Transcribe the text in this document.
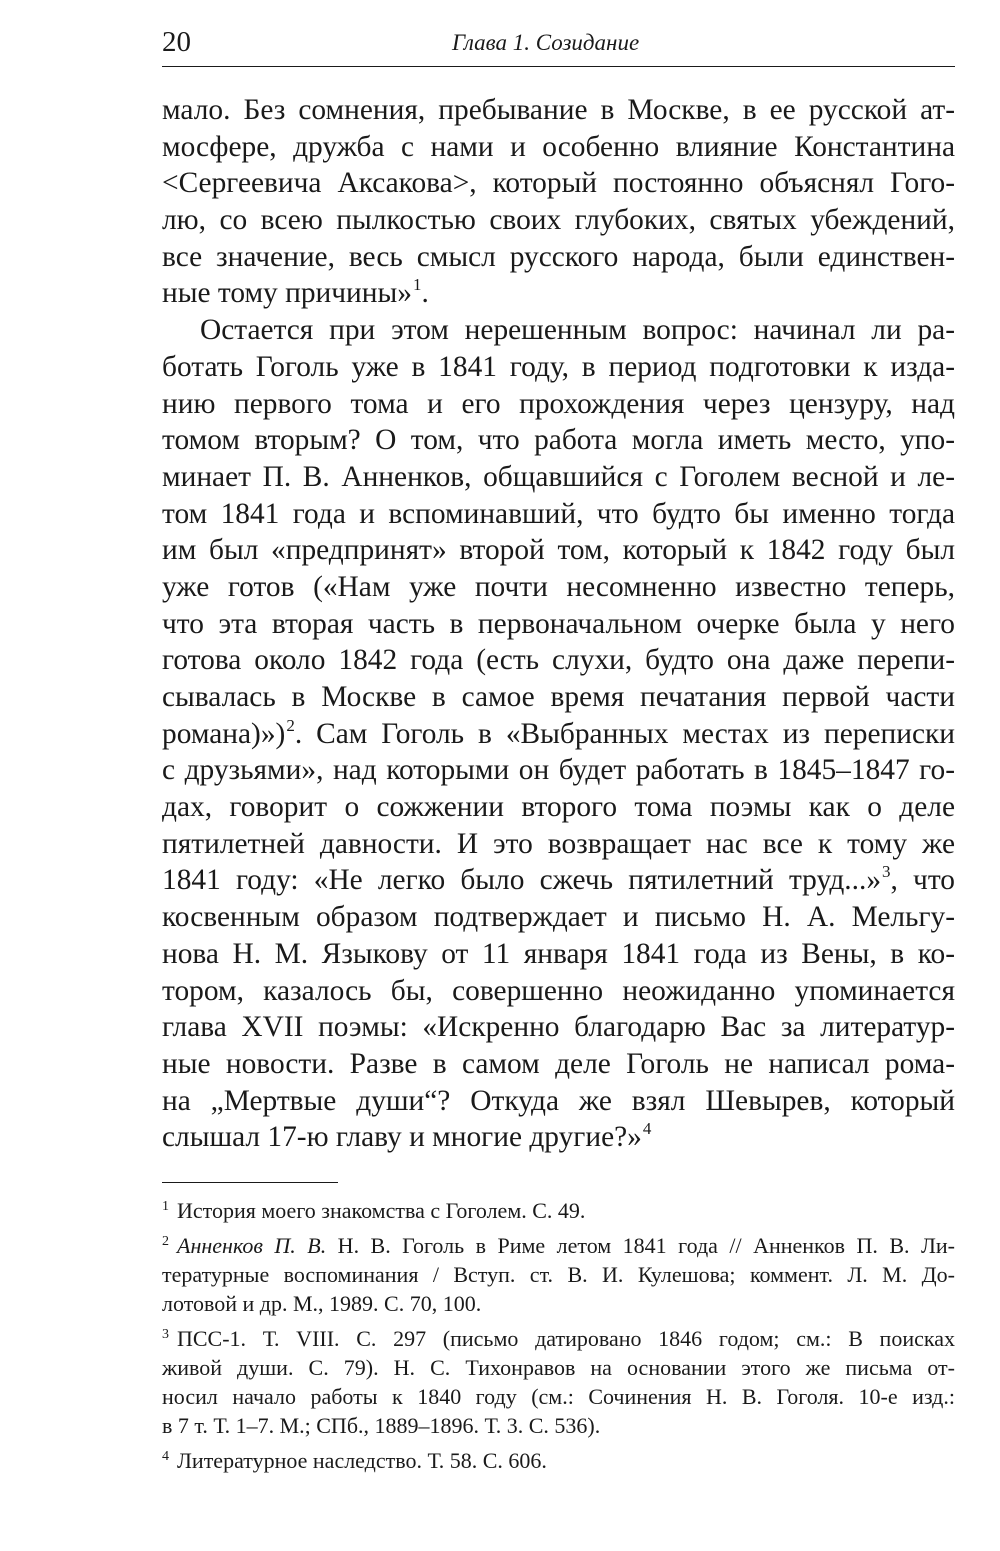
20	Глава 1. Созидание
мало. Без сомнения, пребывание в Москве, в ее русской ат-
мосфере, дружба с нами и особенно влияние Константина
<Сергеевича Аксакова>, который постоянно объяснял Гого-
лю, со всею пылкостью своих глубоких, святых убеждений,
все значение, весь смысл русского народа, были единствен-
ные тому причины»$^1$.
Остается при этом нерешенным вопрос: начинал ли ра-
ботать Гоголь уже в 1841 году, в период подготовки к изда-
нию первого тома и его прохождения через цензуру, над
томом вторым? О том, что работа могла иметь место, упо-
минает П. В. Анненков, общавшийся с Гоголем весной и ле-
том 1841 года и вспоминавший, что будто бы именно тогда
им был «предпринят» второй том, который к 1842 году был
уже готов («Нам уже почти несомненно известно теперь,
что эта вторая часть в первоначальном очерке была у него
готова около 1842 года (есть слухи, будто она даже перепи-
сывалась в Москве в самое время печатания первой части
романа)»)$^2$. Сам Гоголь в «Выбранных местах из переписки
с друзьями», над которыми он будет работать в 1845–1847 го-
дах, говорит о сожжении второго тома поэмы как о деле
пятилетней давности. И это возвращает нас все к тому же
1841 году: «Не легко было сжечь пятилетний труд...»$^3$, что
косвенным образом подтверждает и письмо Н. А. Мельгу-
нова Н. М. Языкову от 11 января 1841 года из Вены, в ко-
тором, казалось бы, совершенно неожиданно упоминается
глава XVII поэмы: «Искренно благодарю Вас за литератур-
ные новости. Разве в самом деле Гоголь не написал рома-
на „Мертвые души“? Откуда же взял Шевырев, который
слышал 17-ю главу и многие другие?»$^4$
$^1$ История моего знакомства с Гоголем. С. 49.
$^2$ Анненков П. В. Н. В. Гоголь в Риме летом 1841 года // Анненков П. В. Ли-
тературные воспоминания / Вступ. ст. В. И. Кулешова; коммент. Л. М. До-
лотовой и др. М., 1989. С. 70, 100.
$^3$ ПСС-1. Т. VIII. С. 297 (письмо датировано 1846 годом; см.: В поисках
живой души. С. 79). Н. С. Тихонравов на основании этого же письма от-
носил начало работы к 1840 году (см.: Сочинения Н. В. Гоголя. 10-е изд.:
в 7 т. Т. 1–7. М.; СПб., 1889–1896. Т. 3. С. 536).
$^4$ Литературное наследство. Т. 58. С. 606.
